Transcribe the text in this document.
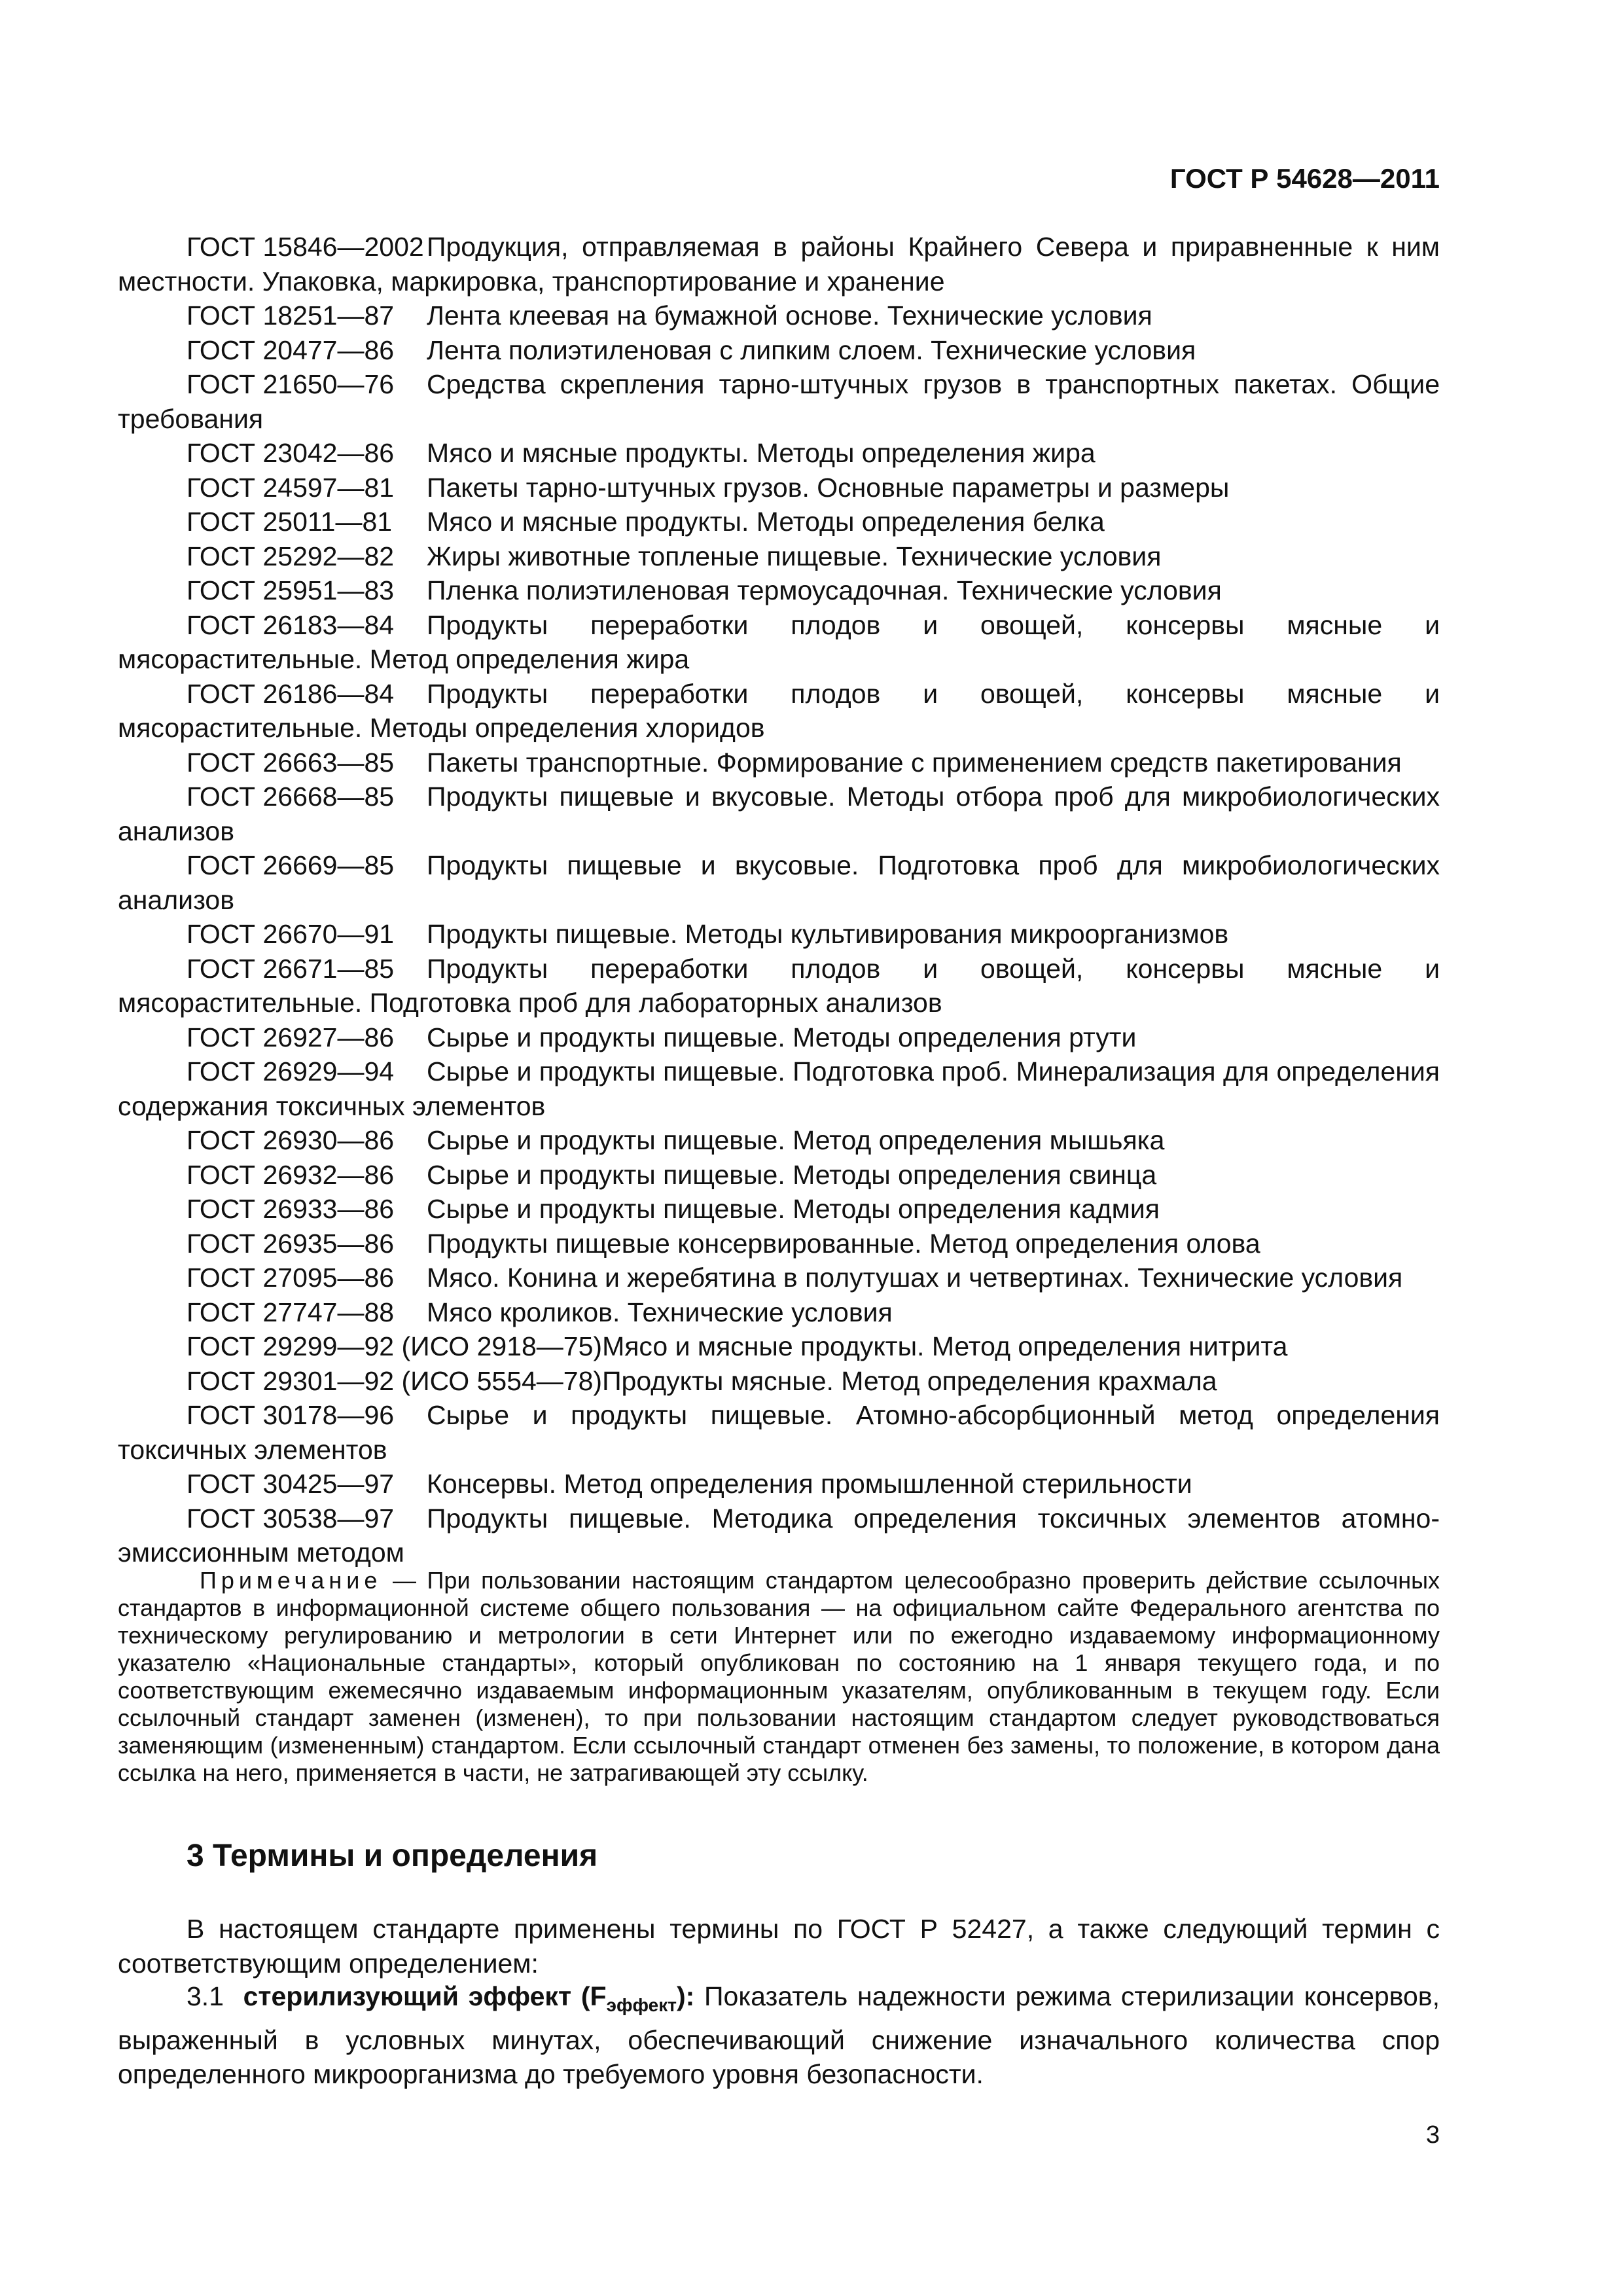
ГОСТ Р 54628—2011

ГОСТ 15846—2002 Продукция, отправляемая в районы Крайнего Севера и приравненные к ним местности. Упаковка, маркировка, транспортирование и хранение

ГОСТ 18251—87 Лента клеевая на бумажной основе. Технические условия

ГОСТ 20477—86 Лента полиэтиленовая с липким слоем. Технические условия

ГОСТ 21650—76 Средства скрепления тарно-штучных грузов в транспортных пакетах. Общие требования

ГОСТ 23042—86 Мясо и мясные продукты. Методы определения жира

ГОСТ 24597—81 Пакеты тарно-штучных грузов. Основные параметры и размеры

ГОСТ 25011—81 Мясо и мясные продукты. Методы определения белка

ГОСТ 25292—82 Жиры животные топленые пищевые. Технические условия

ГОСТ 25951—83 Пленка полиэтиленовая термоусадочная. Технические условия

ГОСТ 26183—84 Продукты переработки плодов и овощей, консервы мясные и мясорастительные. Метод определения жира

ГОСТ 26186—84 Продукты переработки плодов и овощей, консервы мясные и мясорастительные. Методы определения хлоридов

ГОСТ 26663—85 Пакеты транспортные. Формирование с применением средств пакетирования

ГОСТ 26668—85 Продукты пищевые и вкусовые. Методы отбора проб для микробиологических анализов

ГОСТ 26669—85 Продукты пищевые и вкусовые. Подготовка проб для микробиологических анализов

ГОСТ 26670—91 Продукты пищевые. Методы культивирования микроорганизмов

ГОСТ 26671—85 Продукты переработки плодов и овощей, консервы мясные и мясорастительные. Подготовка проб для лабораторных анализов

ГОСТ 26927—86 Сырье и продукты пищевые. Методы определения ртути

ГОСТ 26929—94 Сырье и продукты пищевые. Подготовка проб. Минерализация для определения содержания токсичных элементов

ГОСТ 26930—86 Сырье и продукты пищевые. Метод определения мышьяка

ГОСТ 26932—86 Сырье и продукты пищевые. Методы определения свинца

ГОСТ 26933—86 Сырье и продукты пищевые. Методы определения кадмия

ГОСТ 26935—86 Продукты пищевые консервированные. Метод определения олова

ГОСТ 27095—86 Мясо. Конина и жеребятина в полутушах и четвертинах. Технические условия

ГОСТ 27747—88 Мясо кроликов. Технические условия

ГОСТ 29299—92 (ИСО 2918—75)Мясо и мясные продукты. Метод определения нитрита

ГОСТ 29301—92 (ИСО 5554—78)Продукты мясные. Метод определения крахмала

ГОСТ 30178—96 Сырье и продукты пищевые. Атомно-абсорбционный метод определения токсичных элементов

ГОСТ 30425—97 Консервы. Метод определения промышленной стерильности

ГОСТ 30538—97 Продукты пищевые. Методика определения токсичных элементов атомно-эмиссионным методом

Примечание — При пользовании настоящим стандартом целесообразно проверить действие ссылочных стандартов в информационной системе общего пользования — на официальном сайте Федерального агентства по техническому регулированию и метрологии в сети Интернет или по ежегодно издаваемому информационному указателю «Национальные стандарты», который опубликован по состоянию на 1 января текущего года, и по соответствующим ежемесячно издаваемым информационным указателям, опубликованным в текущем году. Если ссылочный стандарт заменен (изменен), то при пользовании настоящим стандартом следует руководствоваться заменяющим (измененным) стандартом. Если ссылочный стандарт отменен без замены, то положение, в котором дана ссылка на него, применяется в части, не затрагивающей эту ссылку.

3 Термины и определения

В настоящем стандарте применены термины по ГОСТ Р 52427, а также следующий термин с соответствующим определением:

3.1 стерилизующий эффект $(F_{эффект})$: Показатель надежности режима стерилизации консервов, выраженный в условных минутах, обеспечивающий снижение изначального количества спор определенного микроорганизма до требуемого уровня безопасности.

3
